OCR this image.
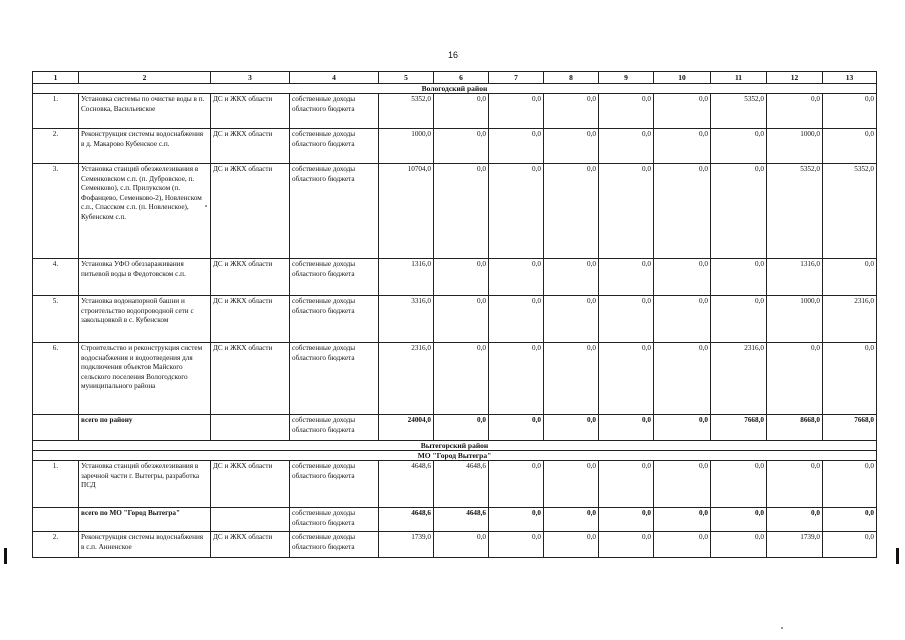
16
1	2	3	4	5	6	7	8	9	10	11	12	13
Вологодский район												
1.	Установка системы по очистке воды в п. Сосновка, Васильевское	ДС и ЖКХ области	собственные доходы областного бюджета	5352,0	0,0	0,0	0,0	0,0	0,0	5352,0	0,0	0,0
2.	Реконструкция системы водоснабжения в д. Макарово Кубенское с.п.	ДС и ЖКХ области	собственные доходы областного бюджета	1000,0	0,0	0,0	0,0	0,0	0,0	0,0	1000,0	0,0
3.	Установка станций обезжелезивания в Семенковском с.п. (п. Дубровское, п. Семенково), с.п. Прилукском (п. Фофанцево, Семенково-2), Новленском с.п., Спасском с.п. (п. Новленское), Кубенском с.п.	ДС и ЖКХ области	собственные доходы областного бюджета	10704,0	0,0	0,0	0,0	0,0	0,0	0,0	5352,0	5352,0
4.	Установка УФО обеззараживания питьевой воды в Федотовском с.п.	ДС и ЖКХ области	собственные доходы областного бюджета	1316,0	0,0	0,0	0,0	0,0	0,0	0,0	1316,0	0,0
5.	Установка водонапорной башни и строительство водопроводной сети с закольцовкой в с. Кубенском	ДС и ЖКХ области	собственные доходы областного бюджета	3316,0	0,0	0,0	0,0	0,0	0,0	0,0	1000,0	2316,0
6.	Строительство и реконструкция систем водоснабжения и водоотведения для подключения объектов Майского сельского поселения Вологодского муниципального района	ДС и ЖКХ области	собственные доходы областного бюджета	2316,0	0,0	0,0	0,0	0,0	0,0	2316,0	0,0	0,0
	всего по району		собственные доходы областного бюджета	24004,0	0,0	0,0	0,0	0,0	0,0	7668,0	8668,0	7668,0
Вытегорский район												
МО "Город Вытегра"												
1.	Установка станций обезжелезивания в заречной части г. Вытегры, разработка ПСД	ДС и ЖКХ области	собственные доходы областного бюджета	4648,6	4648,6	0,0	0,0	0,0	0,0	0,0	0,0	0,0
	всего по МО "Город Вытегра"		собственные доходы областного бюджета	4648,6	4648,6	0,0	0,0	0,0	0,0	0,0	0,0	0,0
2.	Реконструкция системы водоснабжения в с.п. Анненское	ДС и ЖКХ области	собственные доходы областного бюджета	1739,0	0,0	0,0	0,0	0,0	0,0	0,0	1739,0	0,0
